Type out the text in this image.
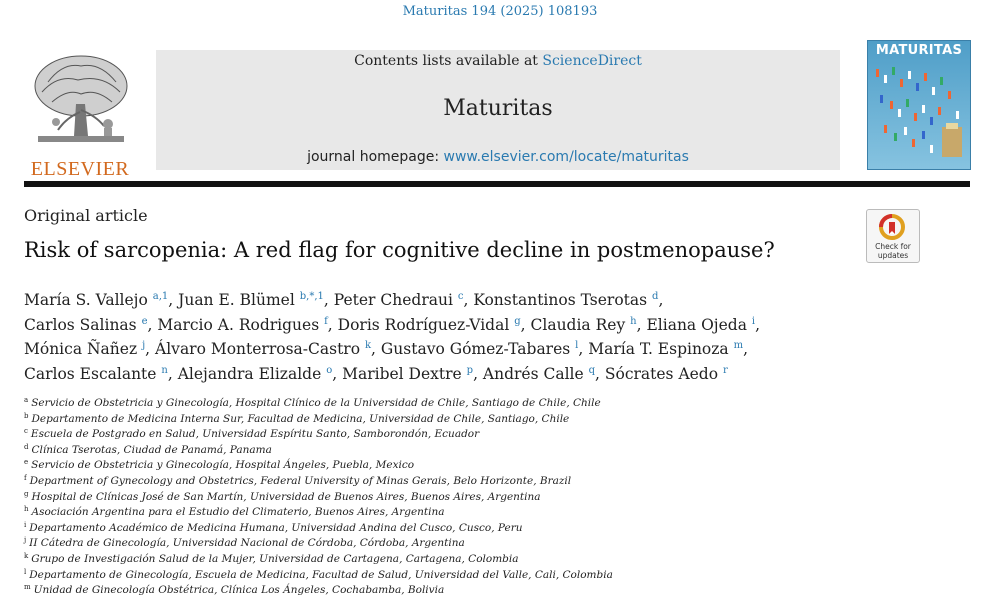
Maturitas 194 (2025) 108193
ELSEVIER
Contents lists available at ScienceDirect
Maturitas
journal homepage: www.elsevier.com/locate/maturitas
MATURITAS
Original article
Risk of sarcopenia: A red flag for cognitive decline in postmenopause?	Check for updates
María S. Vallejo $^{a,1}$, Juan E. Blümel $^{b,*,1}$, Peter Chedraui $^c$, Konstantinos Tserotas $^d$,
Carlos Salinas $^e$, Marcio A. Rodrigues $^f$, Doris Rodríguez-Vidal $^g$, Claudia Rey $^h$, Eliana Ojeda $^i$,
Mónica Ñañez $^j$, Álvaro Monterrosa-Castro $^k$, Gustavo Gómez-Tabares $^l$, María T. Espinoza $^m$,
Carlos Escalante $^n$, Alejandra Elizalde $^o$, Maribel Dextre $^p$, Andrés Calle $^q$, Sócrates Aedo $^r$
$^a$ Servicio de Obstetricia y Ginecología, Hospital Clínico de la Universidad de Chile, Santiago de Chile, Chile
$^b$ Departamento de Medicina Interna Sur, Facultad de Medicina, Universidad de Chile, Santiago, Chile
$^c$ Escuela de Postgrado en Salud, Universidad Espíritu Santo, Samborondón, Ecuador
$^d$ Clínica Tserotas, Ciudad de Panamá, Panama
$^e$ Servicio de Obstetricia y Ginecología, Hospital Ángeles, Puebla, Mexico
$^f$ Department of Gynecology and Obstetrics, Federal University of Minas Gerais, Belo Horizonte, Brazil
$^g$ Hospital de Clínicas José de San Martín, Universidad de Buenos Aires, Buenos Aires, Argentina
$^h$ Asociación Argentina para el Estudio del Climaterio, Buenos Aires, Argentina
$^i$ Departamento Académico de Medicina Humana, Universidad Andina del Cusco, Cusco, Peru
$^j$ II Cátedra de Ginecología, Universidad Nacional de Córdoba, Córdoba, Argentina
$^k$ Grupo de Investigación Salud de la Mujer, Universidad de Cartagena, Cartagena, Colombia
$^l$ Departamento de Ginecología, Escuela de Medicina, Facultad de Salud, Universidad del Valle, Cali, Colombia
$^m$ Unidad de Ginecología Obstétrica, Clínica Los Ángeles, Cochabamba, Bolivia
